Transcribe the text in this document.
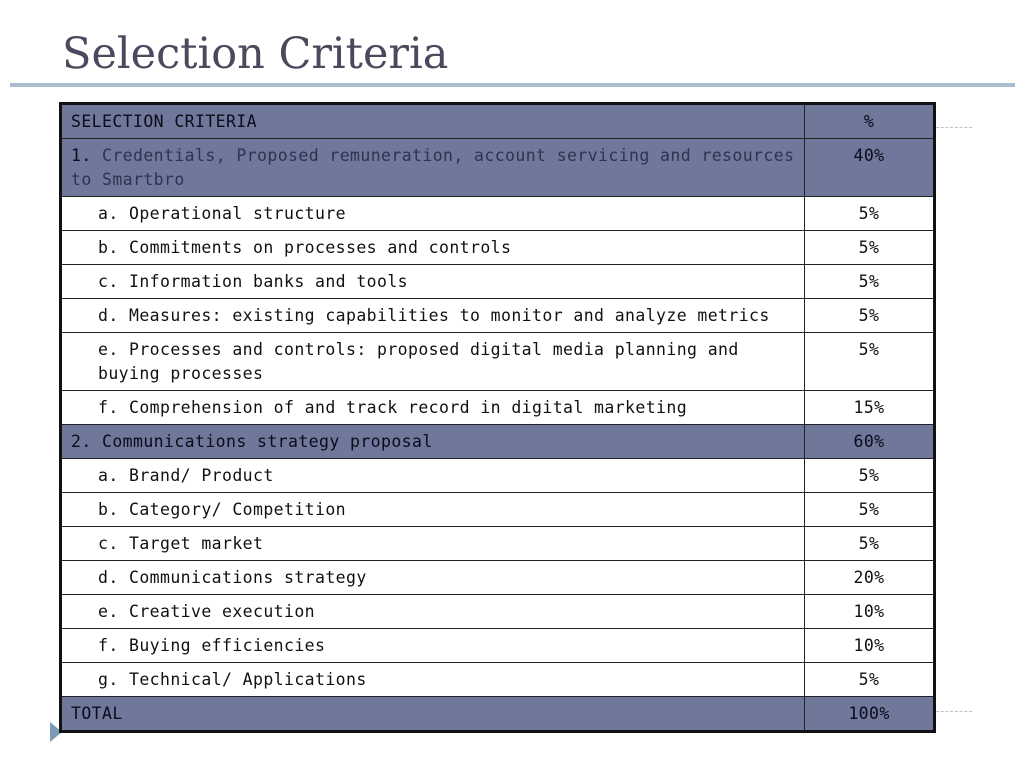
Selection Criteria
SELECTION CRITERIA	%
1. Credentials, Proposed remuneration, account servicing and resources to Smartbro	40%
a. Operational structure	5%
b. Commitments on processes and controls	5%
c. Information banks and tools	5%
d. Measures: existing capabilities to monitor and analyze metrics	5%
e. Processes and controls: proposed digital media planning and buying processes	5%
f. Comprehension of and track record in digital marketing	15%
2. Communications strategy proposal	60%
a. Brand/ Product	5%
b. Category/ Competition	5%
c. Target market	5%
d. Communications strategy	20%
e. Creative execution	10%
f. Buying efficiencies	10%
g. Technical/ Applications	5%
TOTAL	100%
